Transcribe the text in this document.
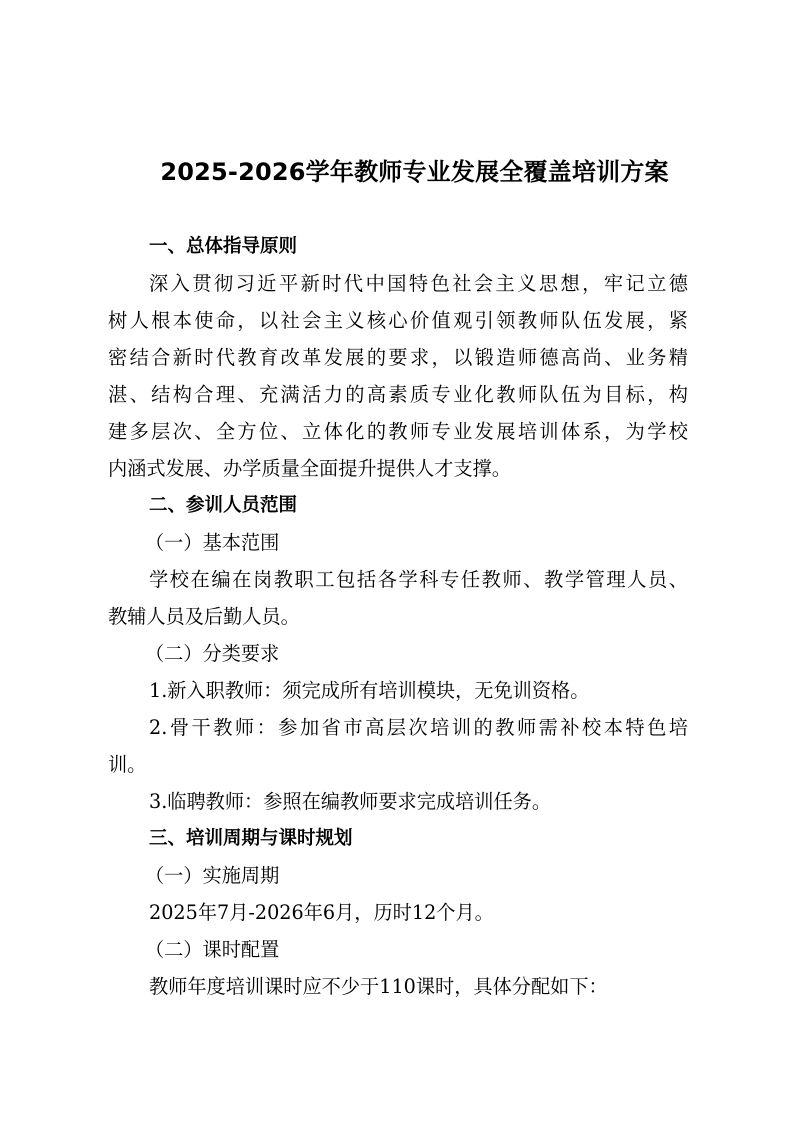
2025-2026学年教师专业发展全覆盖培训方案
一、总体指导原则
深入贯彻习近平新时代中国特色社会主义思想，牢记立德
树人根本使命，以社会主义核心价值观引领教师队伍发展，紧
密结合新时代教育改革发展的要求，以锻造师德高尚、业务精
湛、结构合理、充满活力的高素质专业化教师队伍为目标，构
建多层次、全方位、立体化的教师专业发展培训体系，为学校
内涵式发展、办学质量全面提升提供人才支撑。
二、参训人员范围
（一）基本范围
学校在编在岗教职工包括各学科专任教师、教学管理人员、
教辅人员及后勤人员。
（二）分类要求
1.新入职教师：须完成所有培训模块，无免训资格。
2.骨干教师：参加省市高层次培训的教师需补校本特色培
训。
3.临聘教师：参照在编教师要求完成培训任务。
三、培训周期与课时规划
（一）实施周期
2025年7月-2026年6月，历时12个月。
（二）课时配置
教师年度培训课时应不少于110课时，具体分配如下：
